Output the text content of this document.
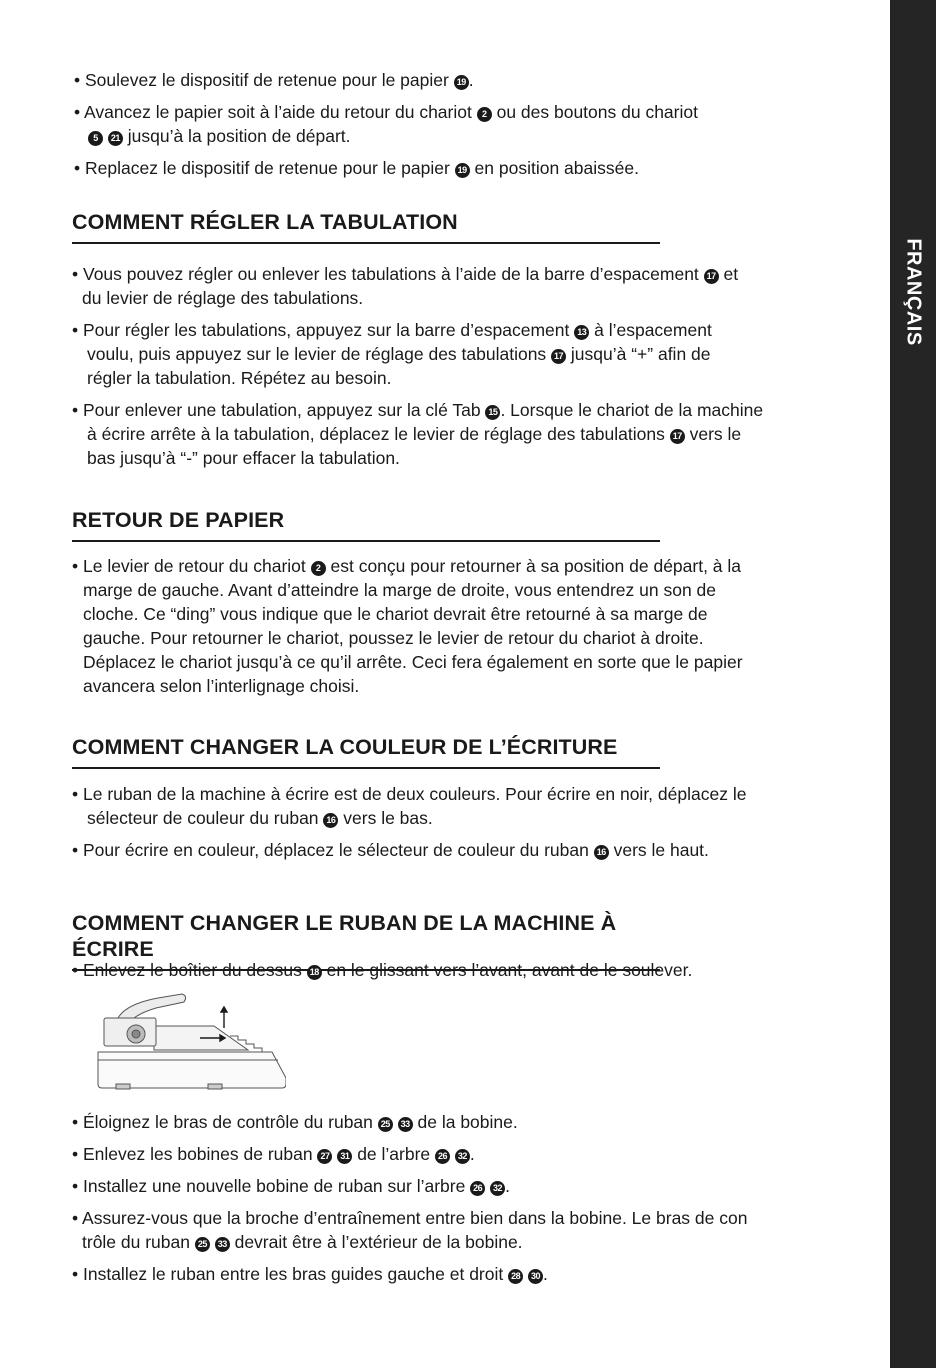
FRANÇAIS

• Soulevez le dispositif de retenue pour le papier 19 .

• Avancez le papier soit à l’aide du retour du chariot 2 ou des boutons du chariot
5 21 jusqu’à la position de départ.

• Replacez le dispositif de retenue pour le papier 19 en position abaissée.

COMMENT RÉGLER LA TABULATION

• Vous pouvez régler ou enlever les tabulations à l’aide de la barre d’espacement 17 et
du levier de réglage des tabulations.

• Pour régler les tabulations, appuyez sur la barre d’espacement 13 à l’espacement
voulu, puis appuyez sur le levier de réglage des tabulations 17 jusqu’à “+” afin de
régler la tabulation. Répétez au besoin.

• Pour enlever une tabulation, appuyez sur la clé Tab 15 . Lorsque le chariot de la machine
à écrire arrête à la tabulation, déplacez le levier de réglage des tabulations 17 vers le
bas jusqu’à “-” pour effacer la tabulation.

RETOUR DE PAPIER

• Le levier de retour du chariot 2 est conçu pour retourner à sa position de départ, à la
marge de gauche. Avant d’atteindre la marge de droite, vous entendrez un son de
cloche. Ce “ding” vous indique que le chariot devrait être retourné à sa marge de
gauche. Pour retourner le chariot, poussez le levier de retour du chariot à droite.
Déplacez le chariot jusqu’à ce qu’il arrête. Ceci fera également en sorte que le papier
avancera selon l’interlignage choisi.

COMMENT CHANGER LA COULEUR DE L’ÉCRITURE

• Le ruban de la machine à écrire est de deux couleurs. Pour écrire en noir, déplacez le
sélecteur de couleur du ruban 16 vers le bas.

• Pour écrire en couleur, déplacez le sélecteur de couleur du ruban 16 vers le haut.

COMMENT CHANGER LE RUBAN DE LA MACHINE À ÉCRIRE

• Enlevez le boîtier du dessus 18 en le glissant vers l’avant, avant de le soulever.

• Éloignez le bras de contrôle du ruban 25 33 de la bobine.

• Enlevez les bobines de ruban 27 31 de l’arbre 26 32 .

• Installez une nouvelle bobine de ruban sur l’arbre 26 32 .

• Assurez-vous que la broche d’entraînement entre bien dans la bobine. Le bras de con
trôle du ruban 25 33 devrait être à l’extérieur de la bobine.

• Installez le ruban entre les bras guides gauche et droit 28 30 .
